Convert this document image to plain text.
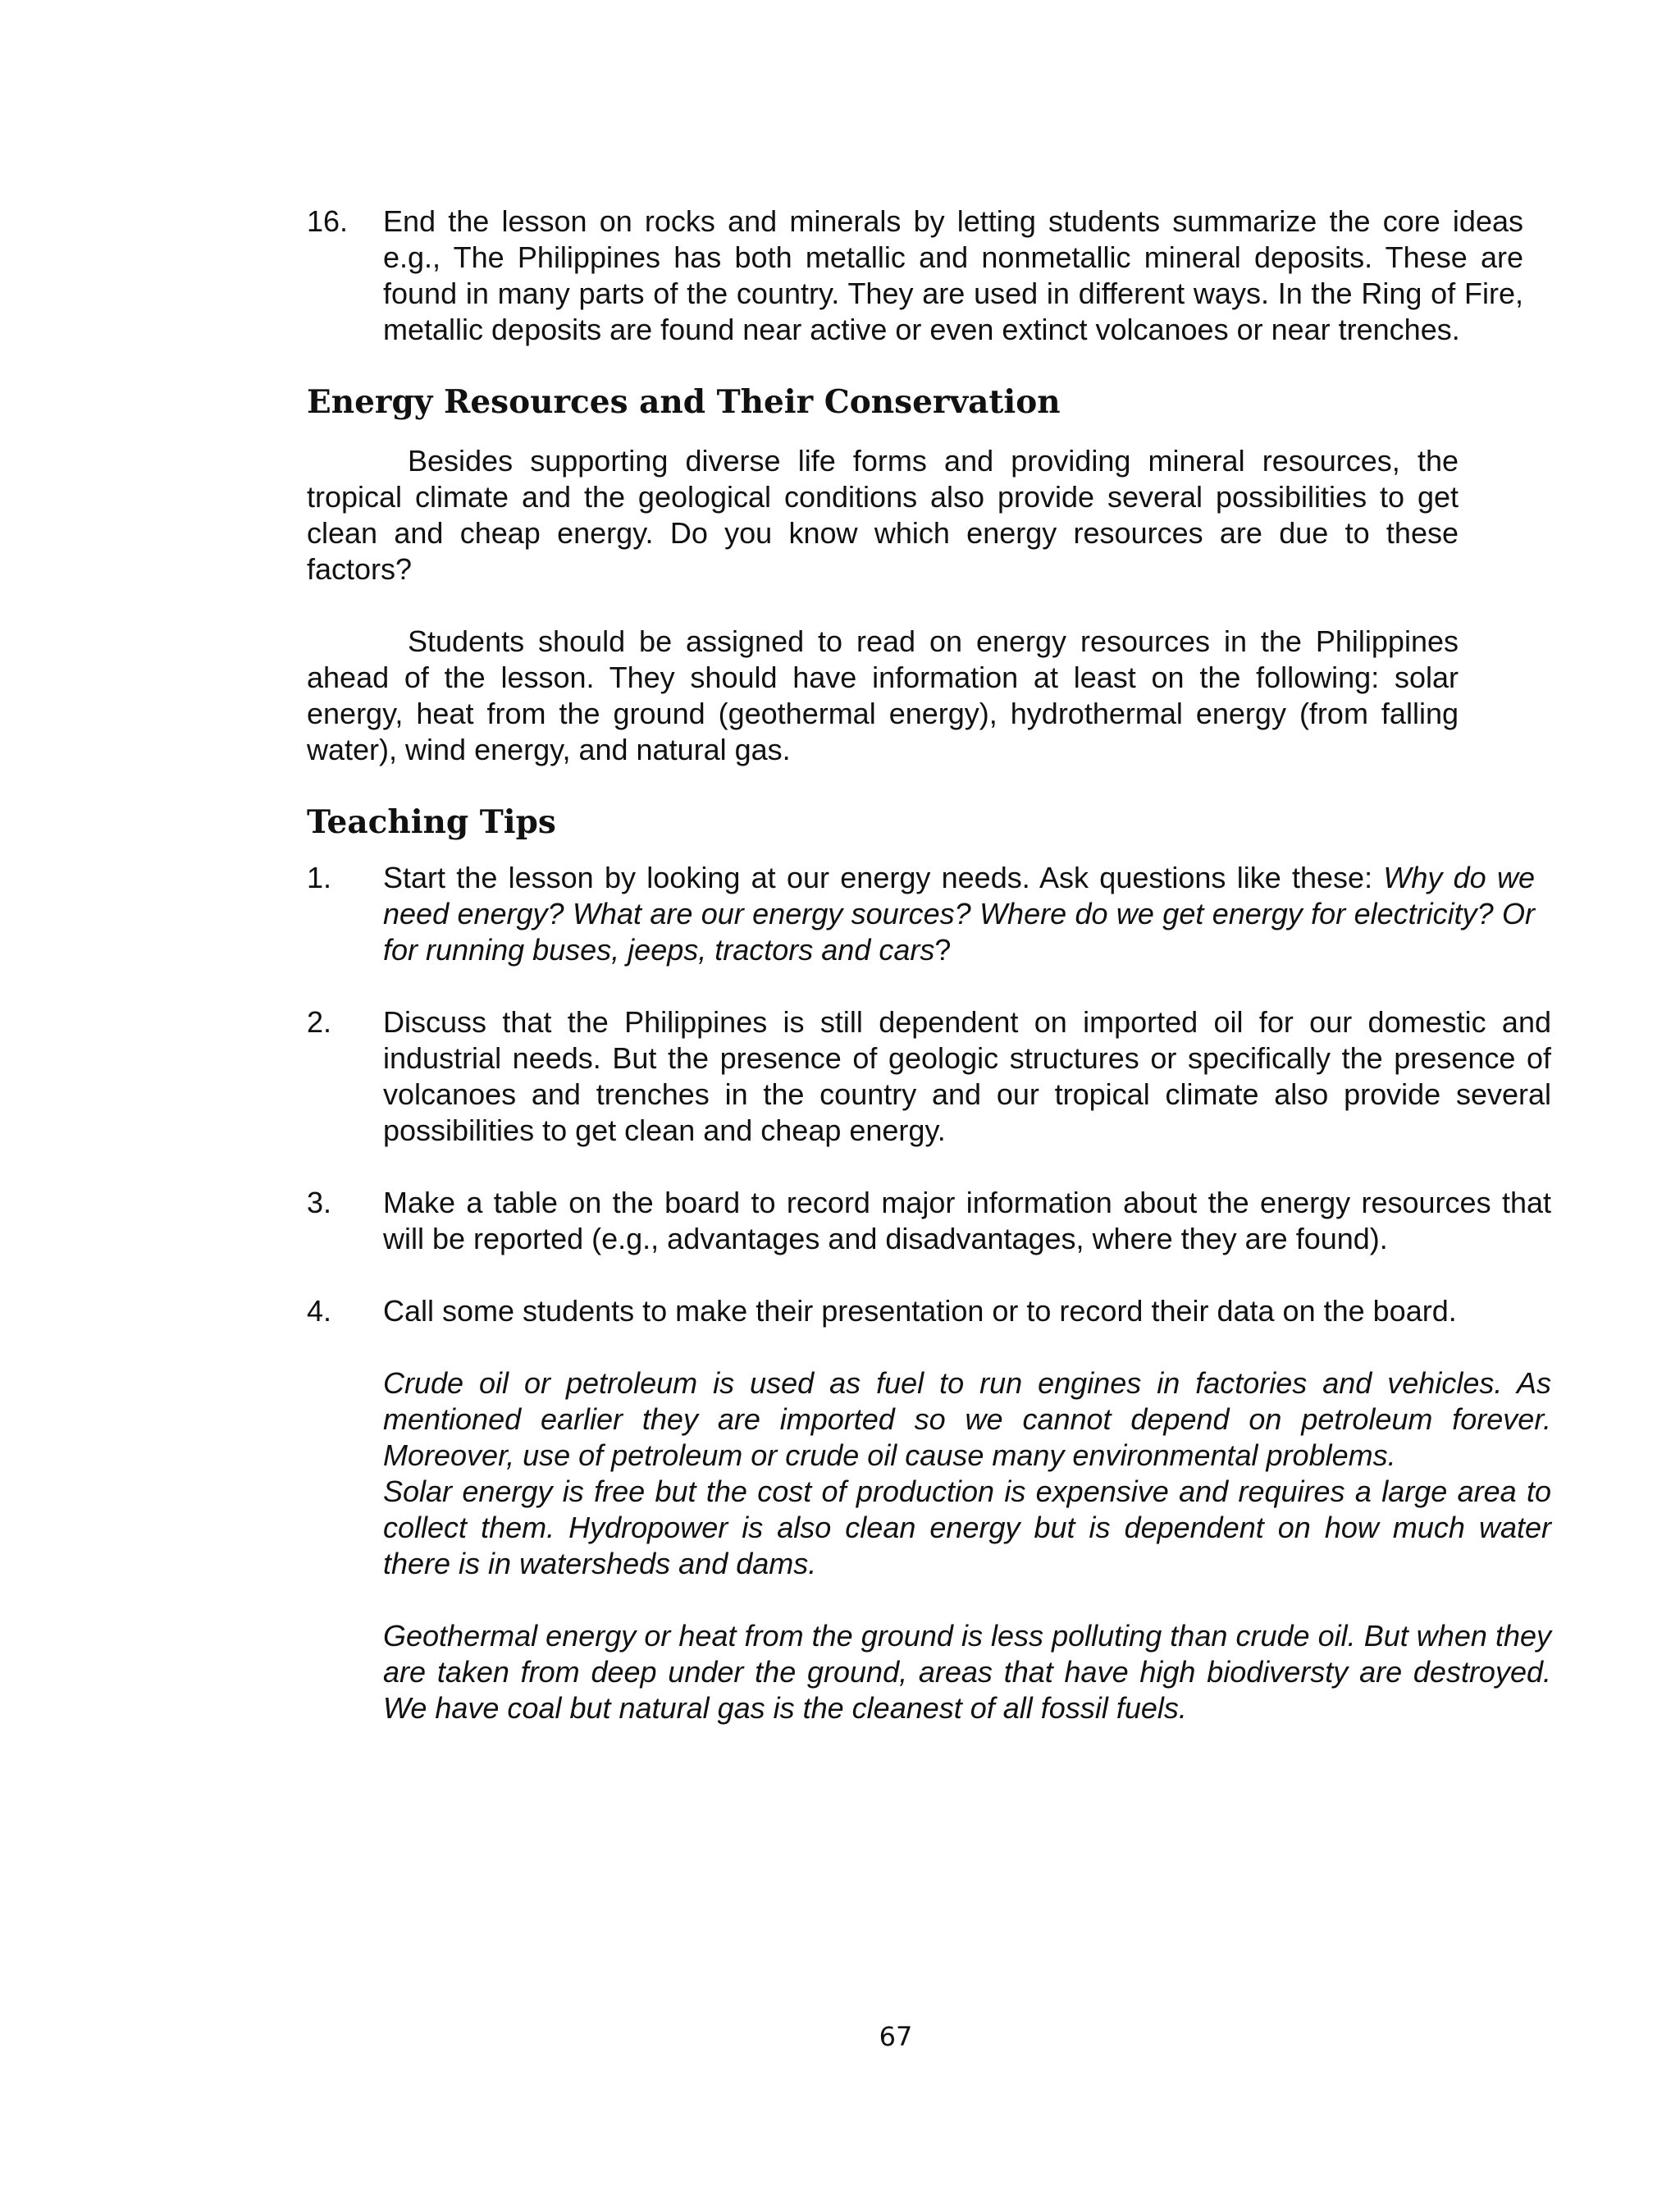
16. End the lesson on rocks and minerals by letting students summarize the core ideas e.g., The Philippines has both metallic and nonmetallic mineral deposits. These are found in many parts of the country. They are used in different ways. In the Ring of Fire, metallic deposits are found near active or even extinct volcanoes or near trenches.

Energy Resources and Their Conservation

Besides supporting diverse life forms and providing mineral resources, the tropical climate and the geological conditions also provide several possibilities to get clean and cheap energy. Do you know which energy resources are due to these factors?

Students should be assigned to read on energy resources in the Philippines ahead of the lesson. They should have information at least on the following: solar energy, heat from the ground (geothermal energy), hydrothermal energy (from falling water), wind energy, and natural gas.

Teaching Tips
1. Start the lesson by looking at our energy needs. Ask questions like these: Why do we need energy? What are our energy sources? Where do we get energy for electricity? Or for running buses, jeeps, tractors and cars?

2. Discuss that the Philippines is still dependent on imported oil for our domestic and industrial needs. But the presence of geologic structures or specifically the presence of volcanoes and trenches in the country and our tropical climate also provide several possibilities to get clean and cheap energy.

3. Make a table on the board to record major information about the energy resources that will be reported (e.g., advantages and disadvantages, where they are found).

4. Call some students to make their presentation or to record their data on the board.

Crude oil or petroleum is used as fuel to run engines in factories and vehicles. As mentioned earlier they are imported so we cannot depend on petroleum forever. Moreover, use of petroleum or crude oil cause many environmental problems.

Solar energy is free but the cost of production is expensive and requires a large area to collect them. Hydropower is also clean energy but is dependent on how much water there is in watersheds and dams.

Geothermal energy or heat from the ground is less polluting than crude oil. But when they are taken from deep under the ground, areas that have high biodiversty are destroyed. We have coal but natural gas is the cleanest of all fossil fuels.

67
